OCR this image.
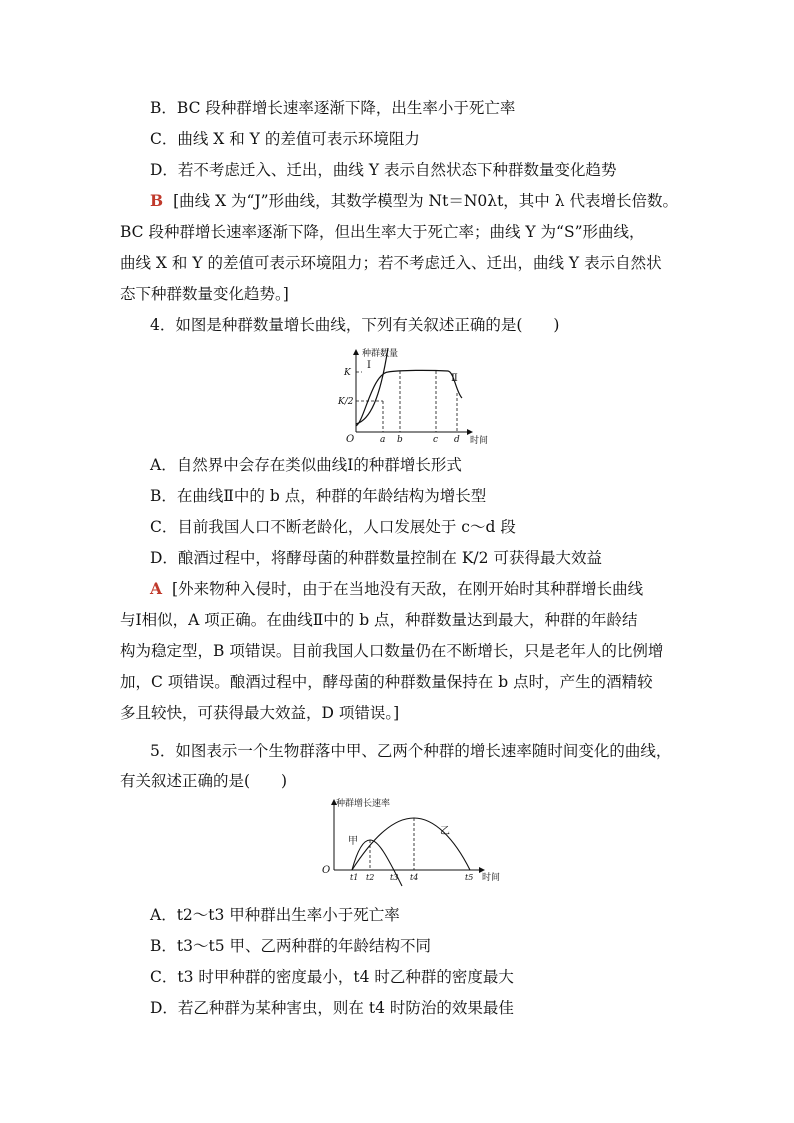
B．BC 段种群增长速率逐渐下降，出生率小于死亡率
C．曲线 X 和 Y 的差值可表示环境阻力
D．若不考虑迁入、迁出，曲线 Y 表示自然状态下种群数量变化趋势
B [曲线 X 为“J”形曲线，其数学模型为 Nt＝N0λt，其中 λ 代表增长倍数。
BC 段种群增长速率逐渐下降，但出生率大于死亡率；曲线 Y 为“S”形曲线，
曲线 X 和 Y 的差值可表示环境阻力；若不考虑迁入、迁出，曲线 Y 表示自然状
态下种群数量变化趋势。]
4．如图是种群数量增长曲线，下列有关叙述正确的是(　　)
种群数量
时间
O
K
K/2
Ⅰ
Ⅱ
a b	c d
A．自然界中会存在类似曲线Ⅰ的种群增长形式
B．在曲线Ⅱ中的 b 点，种群的年龄结构为增长型
C．目前我国人口不断老龄化，人口发展处于 c～d 段
D．酿酒过程中，将酵母菌的种群数量控制在 K/2 可获得最大效益
A [外来物种入侵时，由于在当地没有天敌，在刚开始时其种群增长曲线
与Ⅰ相似，A 项正确。在曲线Ⅱ中的 b 点，种群数量达到最大，种群的年龄结
构为稳定型，B 项错误。目前我国人口数量仍在不断增长，只是老年人的比例增
加，C 项错误。酿酒过程中，酵母菌的种群数量保持在 b 点时，产生的酒精较
多且较快，可获得最大效益，D 项错误。]
5．如图表示一个生物群落中甲、乙两个种群的增长速率随时间变化的曲线，
有关叙述正确的是(　　)
种群增长速率
时间
O
甲
乙
t1 t2 t3 t4	t5
A．t2～t3 甲种群出生率小于死亡率
B．t3～t5 甲、乙两种群的年龄结构不同
C．t3 时甲种群的密度最小，t4 时乙种群的密度最大
D．若乙种群为某种害虫，则在 t4 时防治的效果最佳
